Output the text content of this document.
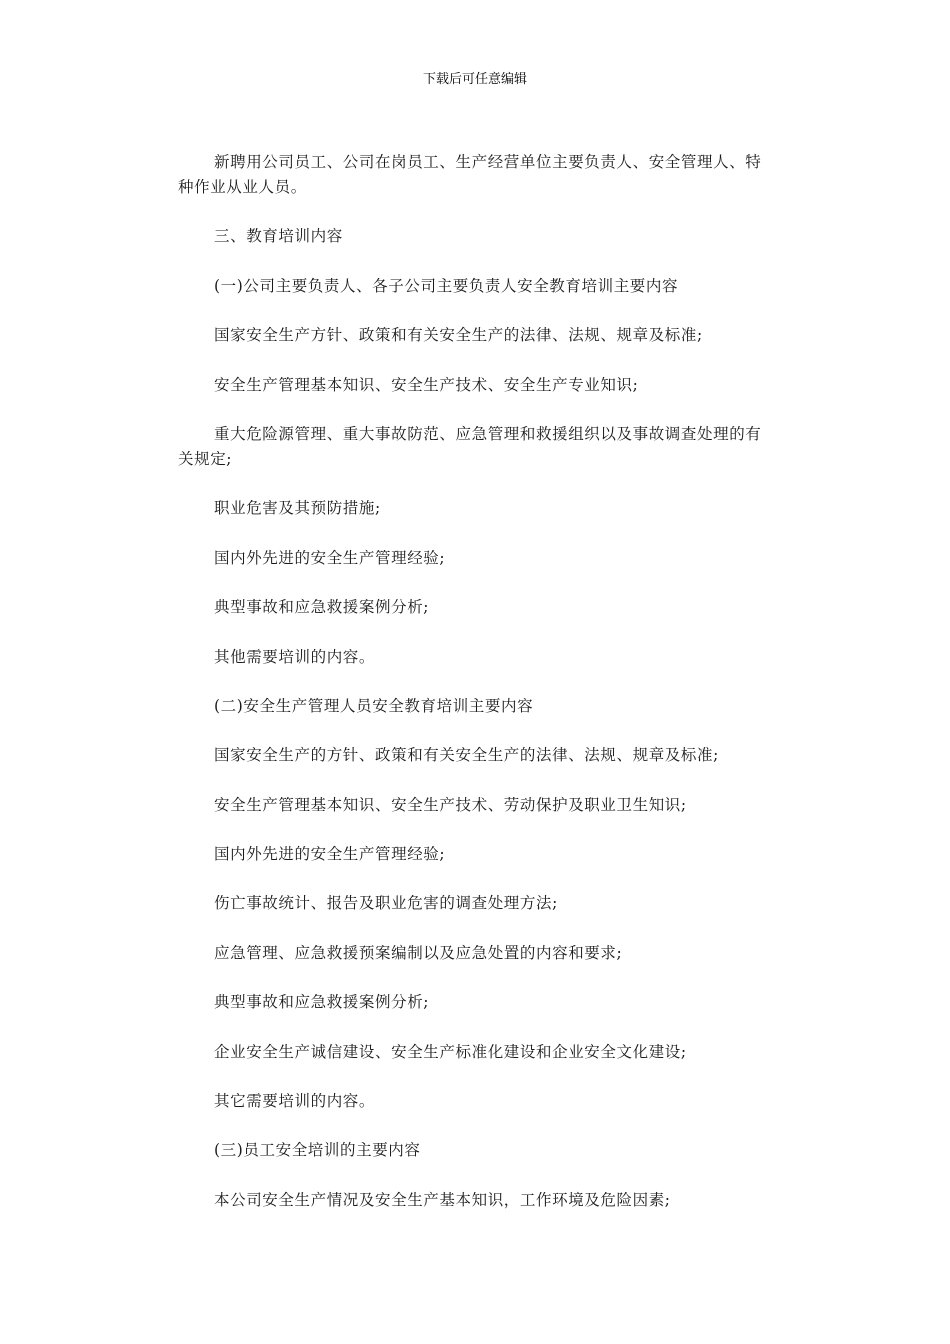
下载后可任意编辑

新聘用公司员工、公司在岗员工、生产经营单位主要负责人、安全管理人、特种作业从业人员。

三、教育培训内容

(一)公司主要负责人、各子公司主要负责人安全教育培训主要内容

国家安全生产方针、政策和有关安全生产的法律、法规、规章及标准;

安全生产管理基本知识、安全生产技术、安全生产专业知识;

重大危险源管理、重大事故防范、应急管理和救援组织以及事故调查处理的有关规定;

职业危害及其预防措施;

国内外先进的安全生产管理经验;

典型事故和应急救援案例分析;

其他需要培训的内容。

(二)安全生产管理人员安全教育培训主要内容

国家安全生产的方针、政策和有关安全生产的法律、法规、规章及标准;

安全生产管理基本知识、安全生产技术、劳动保护及职业卫生知识;

国内外先进的安全生产管理经验;

伤亡事故统计、报告及职业危害的调查处理方法;

应急管理、应急救援预案编制以及应急处置的内容和要求;

典型事故和应急救援案例分析;

企业安全生产诚信建设、安全生产标准化建设和企业安全文化建设;

其它需要培训的内容。

(三)员工安全培训的主要内容

本公司安全生产情况及安全生产基本知识，工作环境及危险因素;
